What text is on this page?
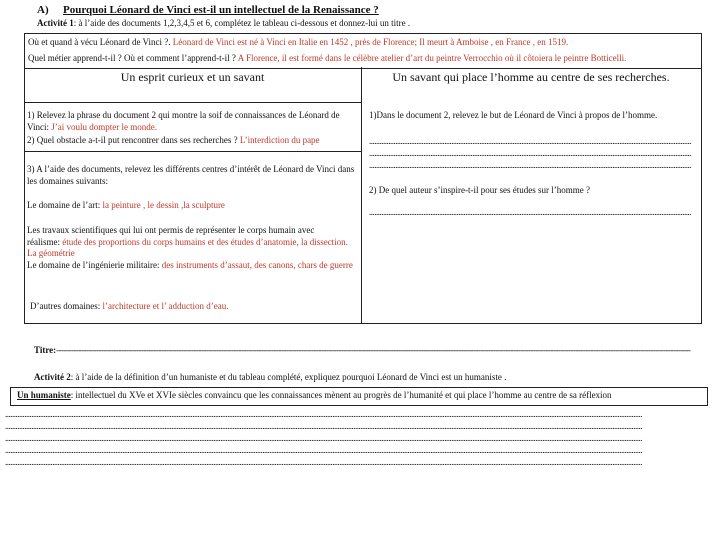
A) Pourquoi Léonard de Vinci est-il un intellectuel de la Renaissance ?
Activité 1: à l’aide des documents 1,2,3,4,5 et 6, complétez le tableau ci-dessous et donnez-lui un titre .
Où et quand à vécu Léonard de Vinci ?. Léonard de Vinci est né à Vinci en Italie en 1452 , près de Florence; Il meurt à Amboise , en France , en 1519.
Quel métier apprend-t-il ? Où et comment l’apprend-t-il ? A Florence, il est formé dans le célèbre atelier d’art du peintre Verrocchio où il côtoiera le peintre Botticelli.
Un esprit curieux et un savant	Un savant qui place l’homme au centre de ses recherches.
1) Relevez la phrase du document 2 qui montre la soif de connaissances de Léonard de Vinci: J’ai voulu dompter le monde.
2) Quel obstacle a-t-il put rencontrer dans ses recherches ? L’interdiction du pape
3) A l’aide des documents, relevez les différents centres d’intérêt de Léonard de Vinci dans les domaines suivants:
Le domaine de l’art: la peinture , le dessin ,la sculpture
Les travaux scientifiques qui lui ont permis de représenter le corps humain avec réalisme: étude des proportions du corps humains et des études d’anatomie, la dissection. La géométrie
Le domaine de l’ingénierie militaire: des instruments d’assaut, des canons, chars de guerre
D’autres domaines: l’architecture et l’ adduction d’eau.
1)Dans le document 2, relevez le but de Léonard de Vinci à propos de l’homme.
........................................................................................................................................................................................
........................................................................................................................................................................................
........................................................................................................................................................................................
2) De quel auteur s’inspire-t-il pour ses études sur l’homme ?
........................................................................................................................................................................................
Titre:--------------------------------------------------------------------------------------------------------------------------------------------------------------------------------------------------------------------------------------------------------------
Activité 2: à l’aide de la définition d’un humaniste et du tableau complété, expliquez pourquoi Léonard de Vinci est un humaniste .
Un humaniste: intellectuel du XVe et XVIe siècles convaincu que les connaissances mènent au progrès de l’humanité et qui place l’homme au centre de sa réflexion
............................................................................................................................................................................................................................................................................................................................................................................
............................................................................................................................................................................................................................................................................................................................................................................
............................................................................................................................................................................................................................................................................................................................................................................
............................................................................................................................................................................................................................................................................................................................................................................
............................................................................................................................................................................................................................................................................................................................................................................
